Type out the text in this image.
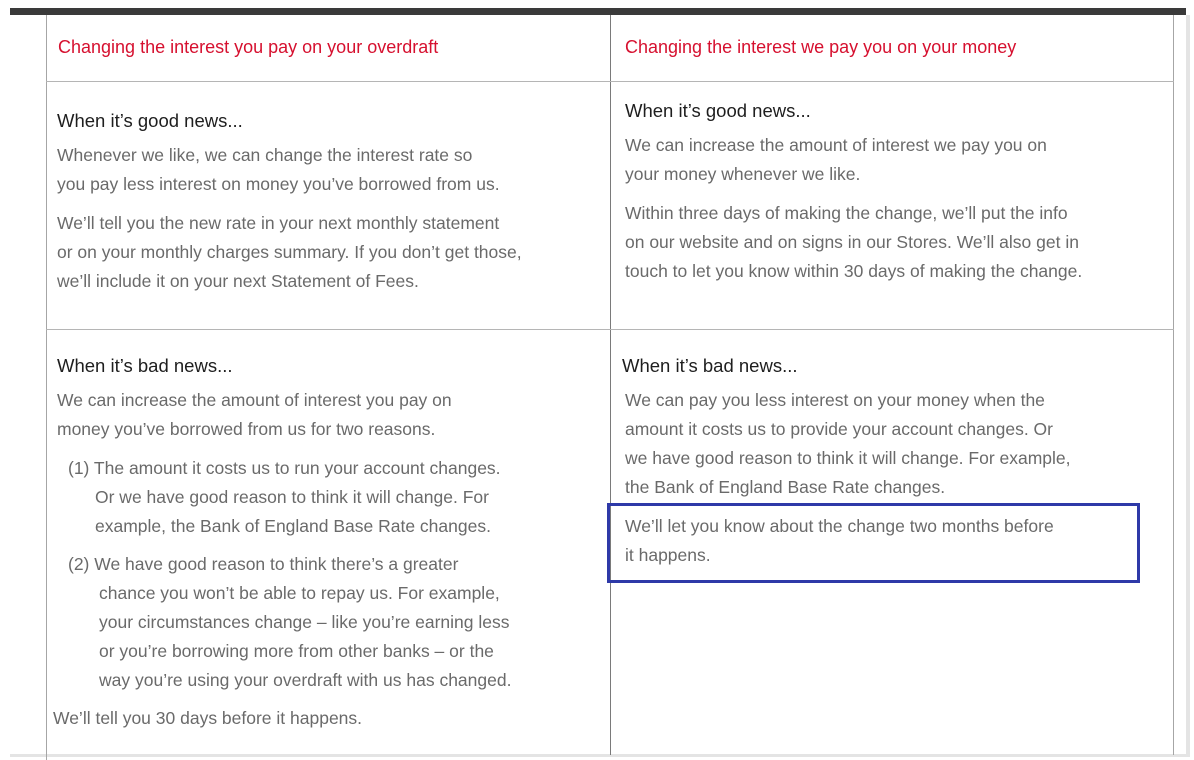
Changing the interest you pay on your overdraft	Changing the interest we pay you on your money
When it’s good news...
Whenever we like, we can change the interest rate so
you pay less interest on money you’ve borrowed from us.
We’ll tell you the new rate in your next monthly statement
or on your monthly charges summary. If you don’t get those,
we’ll include it on your next Statement of Fees.
When it’s good news...
We can increase the amount of interest we pay you on
your money whenever we like.
Within three days of making the change, we’ll put the info
on our website and on signs in our Stores. We’ll also get in
touch to let you know within 30 days of making the change.
When it’s bad news...
We can increase the amount of interest you pay on
money you’ve borrowed from us for two reasons.
(1) The amount it costs us to run your account changes.
Or we have good reason to think it will change. For
example, the Bank of England Base Rate changes.
(2) We have good reason to think there’s a greater
chance you won’t be able to repay us. For example,
your circumstances change – like you’re earning less
or you’re borrowing more from other banks – or the
way you’re using your overdraft with us has changed.
We’ll tell you 30 days before it happens.
When it’s bad news...
We can pay you less interest on your money when the
amount it costs us to provide your account changes. Or
we have good reason to think it will change. For example,
the Bank of England Base Rate changes.
We’ll let you know about the change two months before
it happens.
